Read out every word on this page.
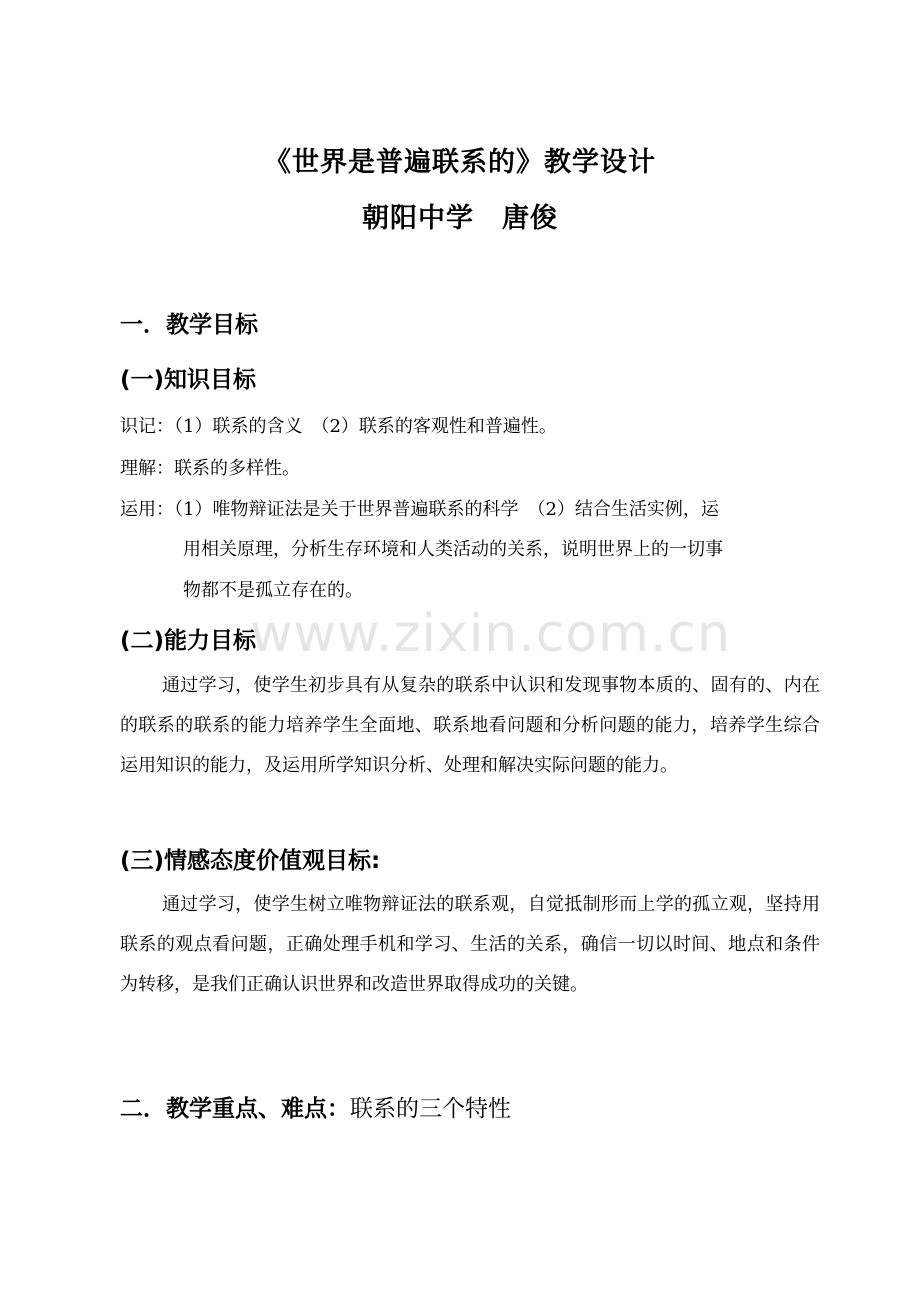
《世界是普遍联系的》教学设计
朝阳中学　唐俊
一．教学目标
(一)知识目标
识记：（1）联系的含义　（2）联系的客观性和普遍性。
理解：联系的多样性。
运用：（1）唯物辩证法是关于世界普遍联系的科学　（2）结合生活实例，运
用相关原理，分析生存环境和人类活动的关系，说明世界上的一切事
物都不是孤立存在的。
(二)能力目标
通过学习，使学生初步具有从复杂的联系中认识和发现事物本质的、固有的、内在的联系的联系的能力培养学生全面地、联系地看问题和分析问题的能力，培养学生综合运用知识的能力，及运用所学知识分析、处理和解决实际问题的能力。
(三)情感态度价值观目标:
通过学习，使学生树立唯物辩证法的联系观，自觉抵制形而上学的孤立观，坚持用联系的观点看问题，正确处理手机和学习、生活的关系，确信一切以时间、地点和条件为转移，是我们正确认识世界和改造世界取得成功的关键。
二．教学重点、难点：联系的三个特性
www.zixin.com.cn
